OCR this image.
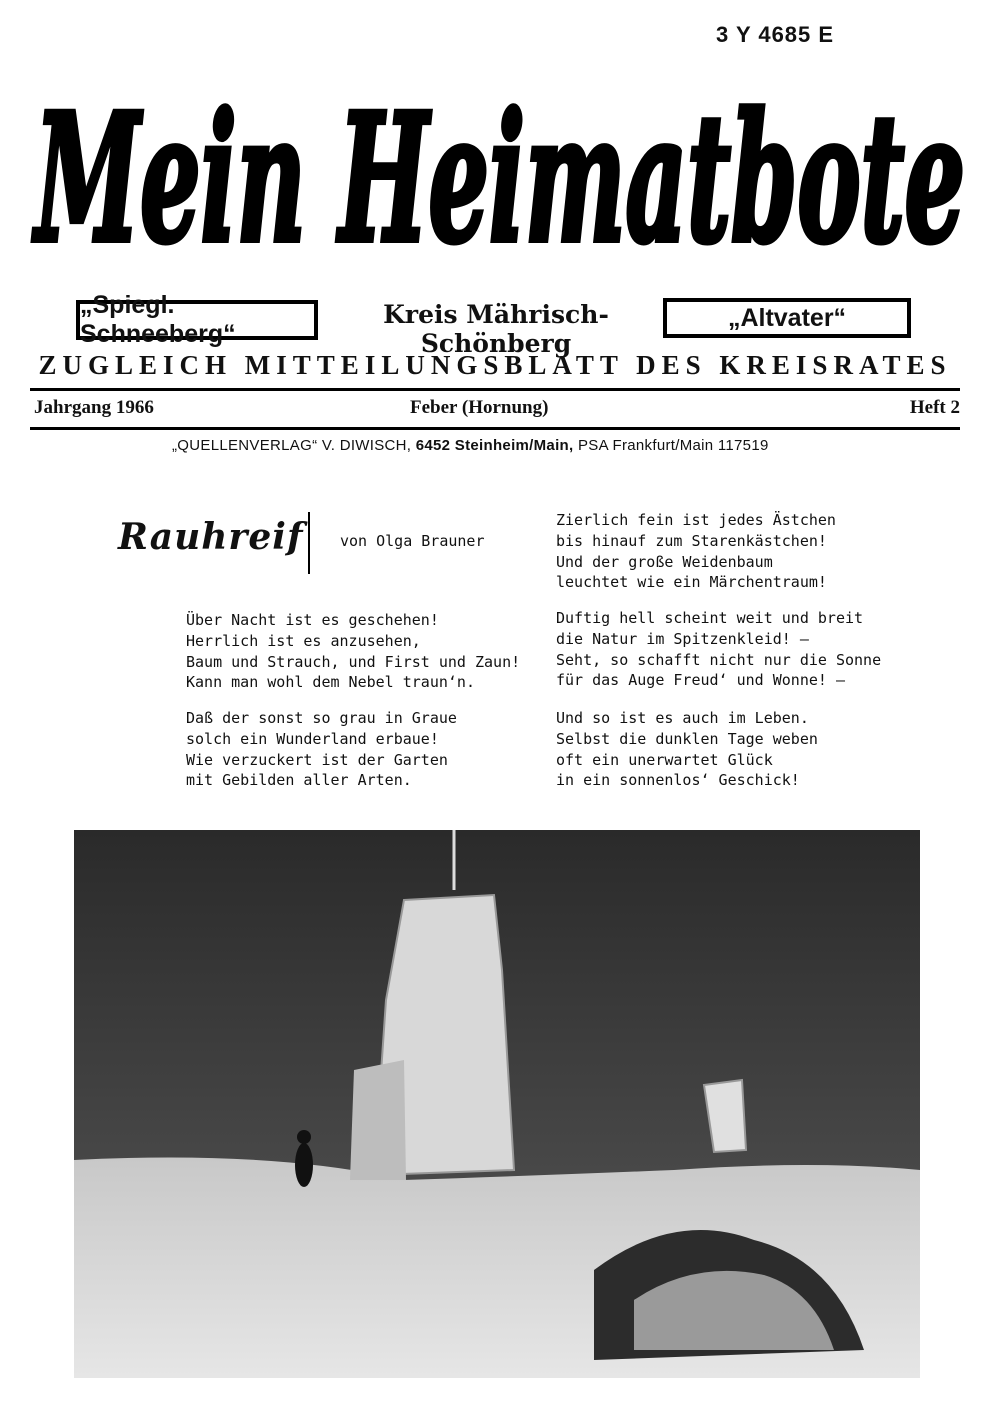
3 Y 4685 E
Mein Heimatbote
„Spiegl. Schneeberg“
Kreis Mährisch-Schönberg
„Altvater“
ZUGLEICH MITTEILUNGSBLATT DES KREISRATES
Jahrgang 1966	Feber (Hornung)	Heft 2
„QUELLENVERLAG“ V. DIWISCH, 6452 Steinheim/Main, PSA Frankfurt/Main 117519
Rauhreif von Olga Brauner
Über Nacht ist es geschehen!
Herrlich ist es anzusehen,
Baum und Strauch, und First und Zaun!
Kann man wohl dem Nebel traun‘n.
Daß der sonst so grau in Graue
solch ein Wunderland erbaue!
Wie verzuckert ist der Garten
mit Gebilden aller Arten.
Zierlich fein ist jedes Ästchen
bis hinauf zum Starenkästchen!
Und der große Weidenbaum
leuchtet wie ein Märchentraum!
Duftig hell scheint weit und breit
die Natur im Spitzenkleid! —
Seht, so schafft nicht nur die Sonne
für das Auge Freud‘ und Wonne! —
Und so ist es auch im Leben.
Selbst die dunklen Tage weben
oft ein unerwartet Glück
in ein sonnenlos‘ Geschick!
